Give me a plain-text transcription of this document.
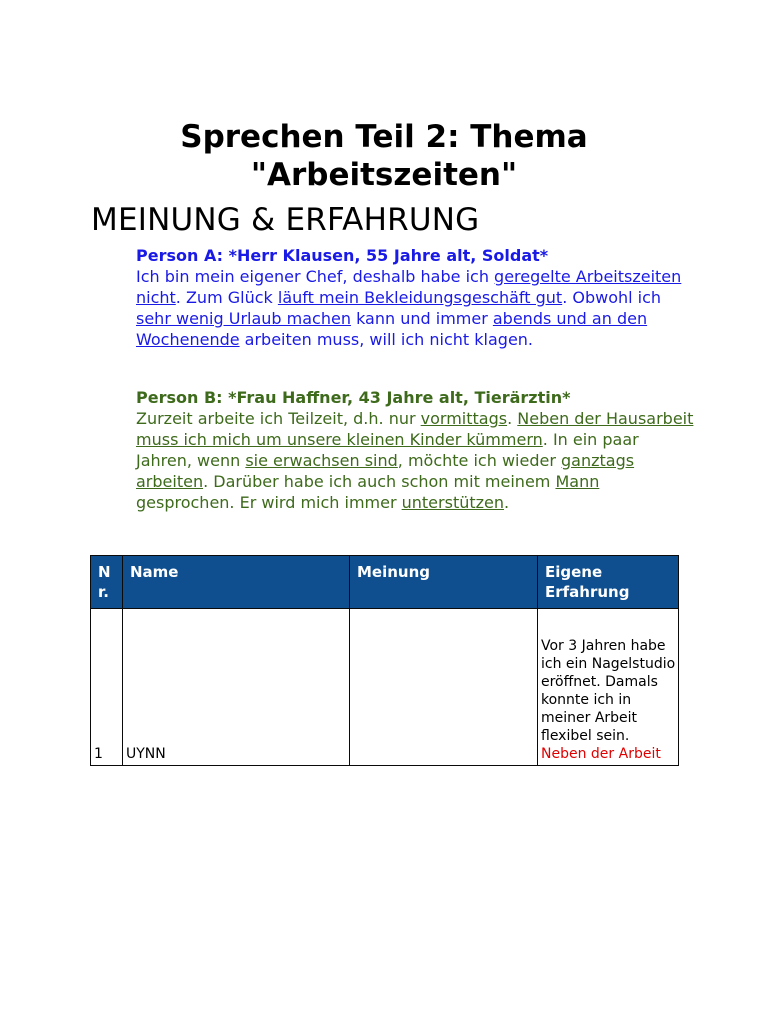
Sprechen Teil 2: Thema
"Arbeitszeiten"
MEINUNG & ERFAHRUNG
Person A: *Herr Klausen, 55 Jahre alt, Soldat*
Ich bin mein eigener Chef, deshalb habe ich geregelte Arbeitszeiten nicht. Zum Glück läuft mein Bekleidungsgeschäft gut. Obwohl ich sehr wenig Urlaub machen kann und immer abends und an den Wochenende arbeiten muss, will ich nicht klagen.
Person B: *Frau Haffner, 43 Jahre alt, Tierärztin*
Zurzeit arbeite ich Teilzeit, d.h. nur vormittags. Neben der Hausarbeit muss ich mich um unsere kleinen Kinder kümmern. In ein paar Jahren, wenn sie erwachsen sind, möchte ich wieder ganztags arbeiten. Darüber habe ich auch schon mit meinem Mann gesprochen. Er wird mich immer unterstützen.
Nr.	Name	Meinung	Eigene Erfahrung
1	UYNN		Vor 3 Jahren habe ich ein Nagelstudio eröffnet. Damals konnte ich in meiner Arbeit flexibel sein. Neben der Arbeit
